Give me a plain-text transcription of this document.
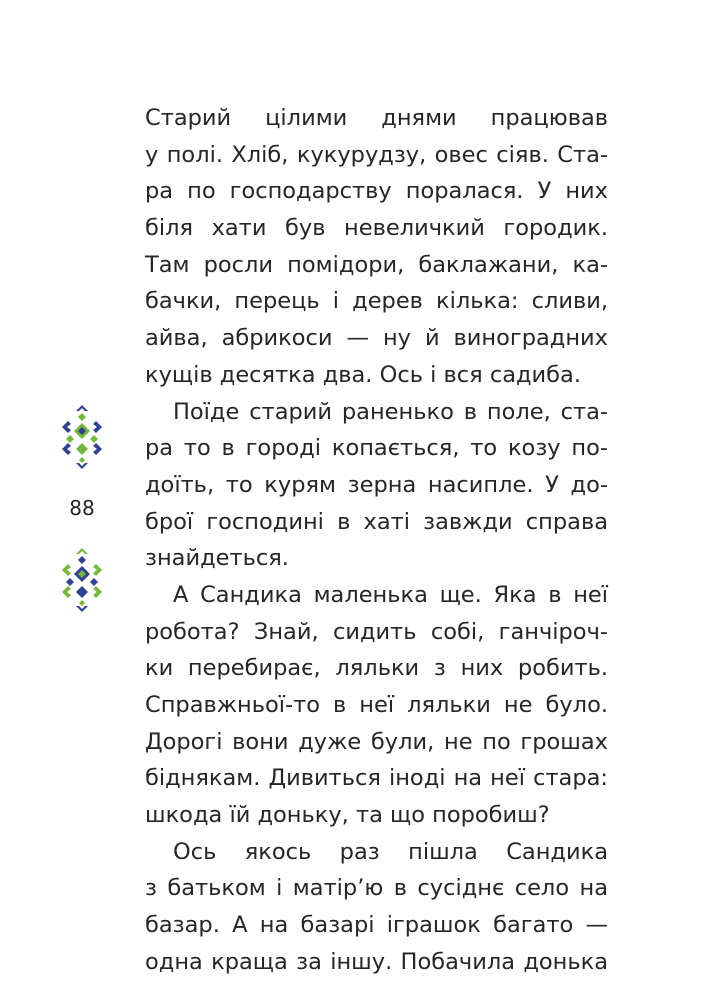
Старий цілими днями працював
у полі. Хліб, кукурудзу, овес сіяв. Ста-
ра по господарству поралася. У них
біля хати був невеличкий городик.
Там росли помідори, баклажани, ка-
бачки, перець і дерев кілька: сливи,
айва, абрикоси — ну й виноградних
кущів десятка два. Ось і вся садиба.
Поїде старий раненько в поле, ста-
ра то в городі копається, то козу по-
доїть, то курям зерна насипле. У до-
брої господині в хаті завжди справа
знайдеться.
А Сандика маленька ще. Яка в неї
робота? Знай, сидить собі, ганчіроч-
ки перебирає, ляльки з них робить.
Справжньої-то в неї ляльки не було.
Дорогі вони дуже були, не по грошах
біднякам. Дивиться іноді на неї стара:
шкода їй доньку, та що поробиш?
Ось якось раз пішла Сандика
з батьком і матір’ю в сусіднє село на
базар. А на базарі іграшок багато —
одна краща за іншу. Побачила донька
88
